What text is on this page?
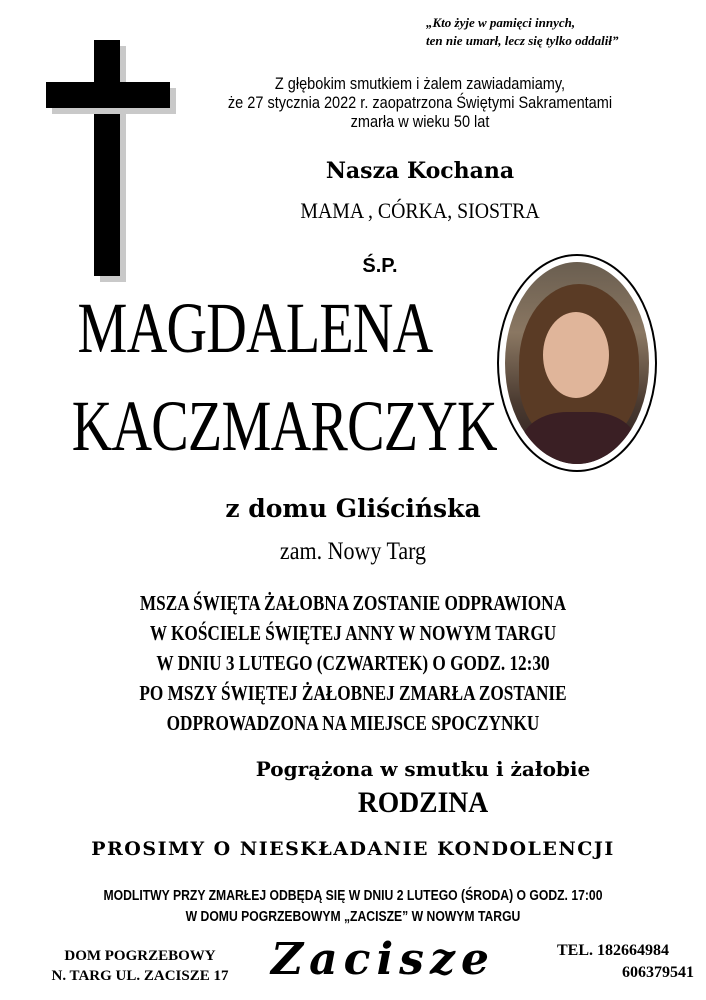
„Kto żyje w pamięci innych,
ten nie umarł, lecz się tylko oddalił”
Z głębokim smutkiem i żalem zawiadamiamy,
że 27 stycznia 2022 r. zaopatrzona Świętymi Sakramentami
zmarła w wieku 50 lat
Nasza Kochana
MAMA , CÓRKA, SIOSTRA
Ś.P.
MAGDALENA
KACZMARCZYK
z domu Gliścińska
zam. Nowy Targ
MSZA ŚWIĘTA ŻAŁOBNA ZOSTANIE ODPRAWIONA
W KOŚCIELE ŚWIĘTEJ ANNY W NOWYM TARGU
W DNIU 3 LUTEGO (CZWARTEK) O GODZ. 12:30
PO MSZY ŚWIĘTEJ ŻAŁOBNEJ ZMARŁA ZOSTANIE
ODPROWADZONA NA MIEJSCE SPOCZYNKU
Pogrążona w smutku i żałobie
RODZINA
PROSIMY O NIESKŁADANIE KONDOLENCJI
MODLITWY PRZY ZMARŁEJ ODBĘDĄ SIĘ W DNIU 2 LUTEGO (ŚRODA) O GODZ. 17:00
W DOMU POGRZEBOWYM „ZACISZE” W NOWYM TARGU
DOM POGRZEBOWY
N. TARG UL. ZACISZE 17 Zacisze	TEL. 182664984
606379541
